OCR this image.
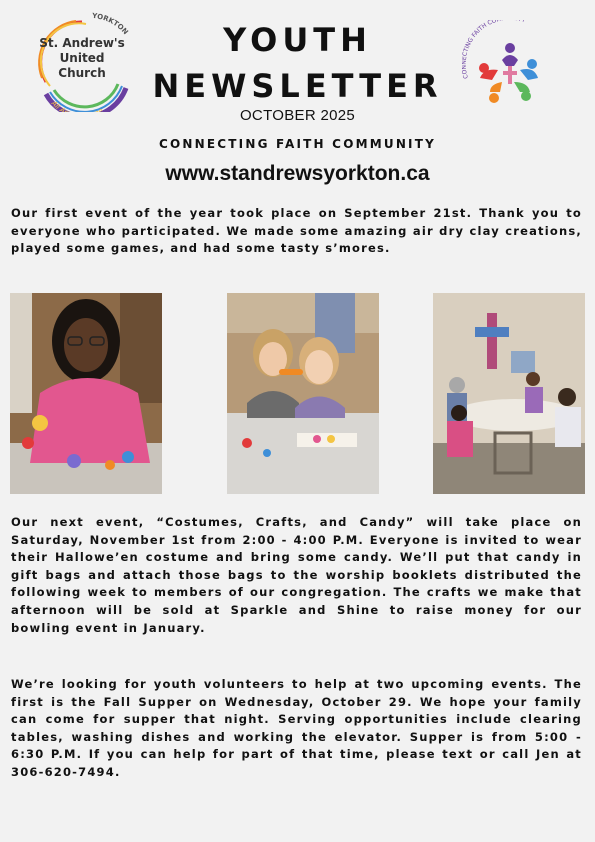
YORKTON
All A e
St. Andrew's
United
Church
YOUTH
NEWSLETTER
OCTOBER 2025
CONNECTING FAITH COMMUNITY
www.standrewsyorkton.ca
C CTING FAITH CO Y

Our first event of the year took place on September 21st. Thank you to everyone who participated. We made some amazing air dry clay creations, played some games, and had some tasty s’mores.

Our next event, “Costumes, Crafts, and Candy” will take place on Saturday, November 1st from 2:00 - 4:00 P.M. Everyone is invited to wear their Hallowe’en costume and bring some candy. We’ll put that candy in gift bags and attach those bags to the worship booklets distributed the following week to members of our congregation. The crafts we make that afternoon will be sold at Sparkle and Shine to raise money for our bowling event in January.

We’re looking for youth volunteers to help at two upcoming events. The first is the Fall Supper on Wednesday, October 29. We hope your family can come for supper that night. Serving opportunities include clearing tables, washing dishes and working the elevator. Supper is from 5:00 - 6:30 P.M. If you can help for part of that time, please text or call Jen at 306-620-7494.
